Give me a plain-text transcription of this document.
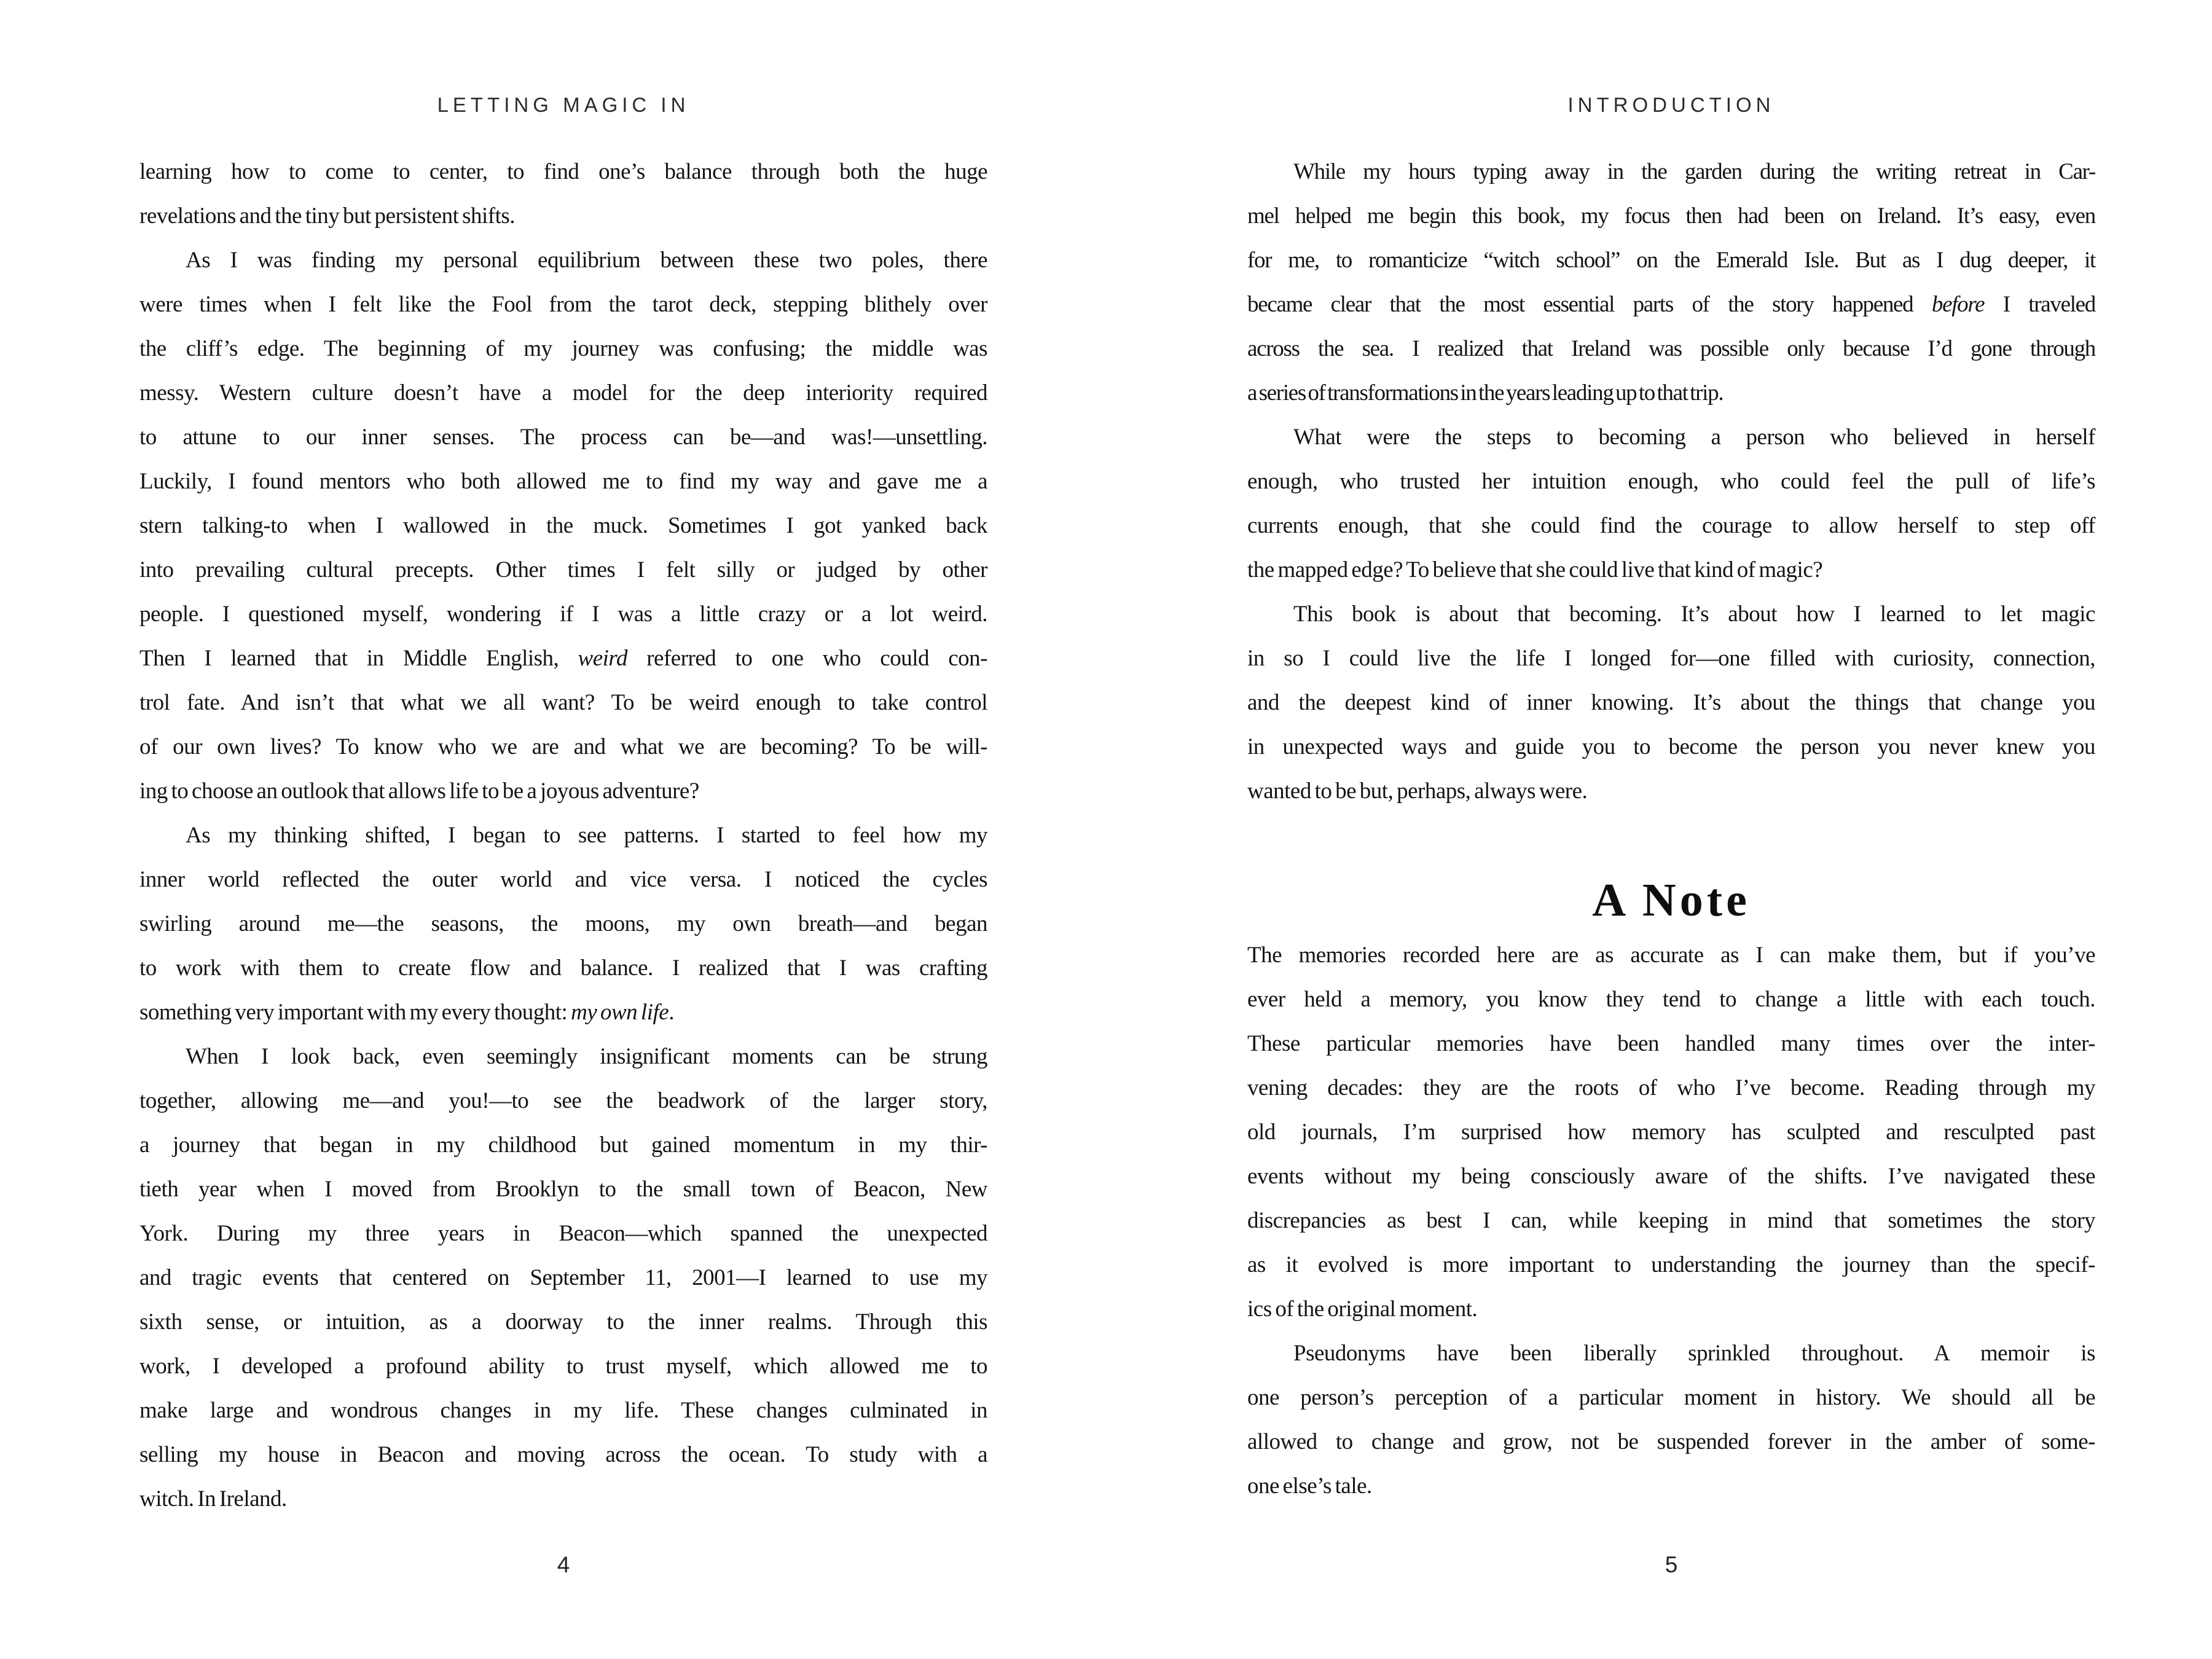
LETTING MAGIC IN
learning how to come to center, to find one’s balance through both the huge
revelations and the tiny but persistent shifts.
As I was finding my personal equilibrium between these two poles, there
were times when I felt like the Fool from the tarot deck, stepping blithely over
the cliff’s edge. The beginning of my journey was confusing; the middle was
messy. Western culture doesn’t have a model for the deep interiority required
to attune to our inner senses. The process can be—and was!—unsettling.
Luckily, I found mentors who both allowed me to find my way and gave me a
stern talking-to when I wallowed in the muck. Sometimes I got yanked back
into prevailing cultural precepts. Other times I felt silly or judged by other
people. I questioned myself, wondering if I was a little crazy or a lot weird.
Then I learned that in Middle English, weird referred to one who could con-
trol fate. And isn’t that what we all want? To be weird enough to take control
of our own lives? To know who we are and what we are becoming? To be will-
ing to choose an outlook that allows life to be a joyous adventure?
As my thinking shifted, I began to see patterns. I started to feel how my
inner world reflected the outer world and vice versa. I noticed the cycles
swirling around me—the seasons, the moons, my own breath—and began
to work with them to create flow and balance. I realized that I was crafting
something very important with my every thought: my own life.
When I look back, even seemingly insignificant moments can be strung
together, allowing me—and you!—to see the beadwork of the larger story,
a journey that began in my childhood but gained momentum in my thir-
tieth year when I moved from Brooklyn to the small town of Beacon, New
York. During my three years in Beacon—which spanned the unexpected
and tragic events that centered on September 11, 2001—I learned to use my
sixth sense, or intuition, as a doorway to the inner realms. Through this
work, I developed a profound ability to trust myself, which allowed me to
make large and wondrous changes in my life. These changes culminated in
selling my house in Beacon and moving across the ocean. To study with a
witch. In Ireland.
4
INTRODUCTION
While my hours typing away in the garden during the writing retreat in Car-
mel helped me begin this book, my focus then had been on Ireland. It’s easy, even
for me, to romanticize “witch school” on the Emerald Isle. But as I dug deeper, it
became clear that the most essential parts of the story happened before I traveled
across the sea. I realized that Ireland was possible only because I’d gone through
a series of transformations in the years leading up to that trip.
What were the steps to becoming a person who believed in herself
enough, who trusted her intuition enough, who could feel the pull of life’s
currents enough, that she could find the courage to allow herself to step off
the mapped edge? To believe that she could live that kind of magic?
This book is about that becoming. It’s about how I learned to let magic
in so I could live the life I longed for—one filled with curiosity, connection,
and the deepest kind of inner knowing. It’s about the things that change you
in unexpected ways and guide you to become the person you never knew you
wanted to be but, perhaps, always were.
A Note
The memories recorded here are as accurate as I can make them, but if you’ve
ever held a memory, you know they tend to change a little with each touch.
These particular memories have been handled many times over the inter-
vening decades: they are the roots of who I’ve become. Reading through my
old journals, I’m surprised how memory has sculpted and resculpted past
events without my being consciously aware of the shifts. I’ve navigated these
discrepancies as best I can, while keeping in mind that sometimes the story
as it evolved is more important to understanding the journey than the specif-
ics of the original moment.
Pseudonyms have been liberally sprinkled throughout. A memoir is
one person’s perception of a particular moment in history. We should all be
allowed to change and grow, not be suspended forever in the amber of some-
one else’s tale.
5
